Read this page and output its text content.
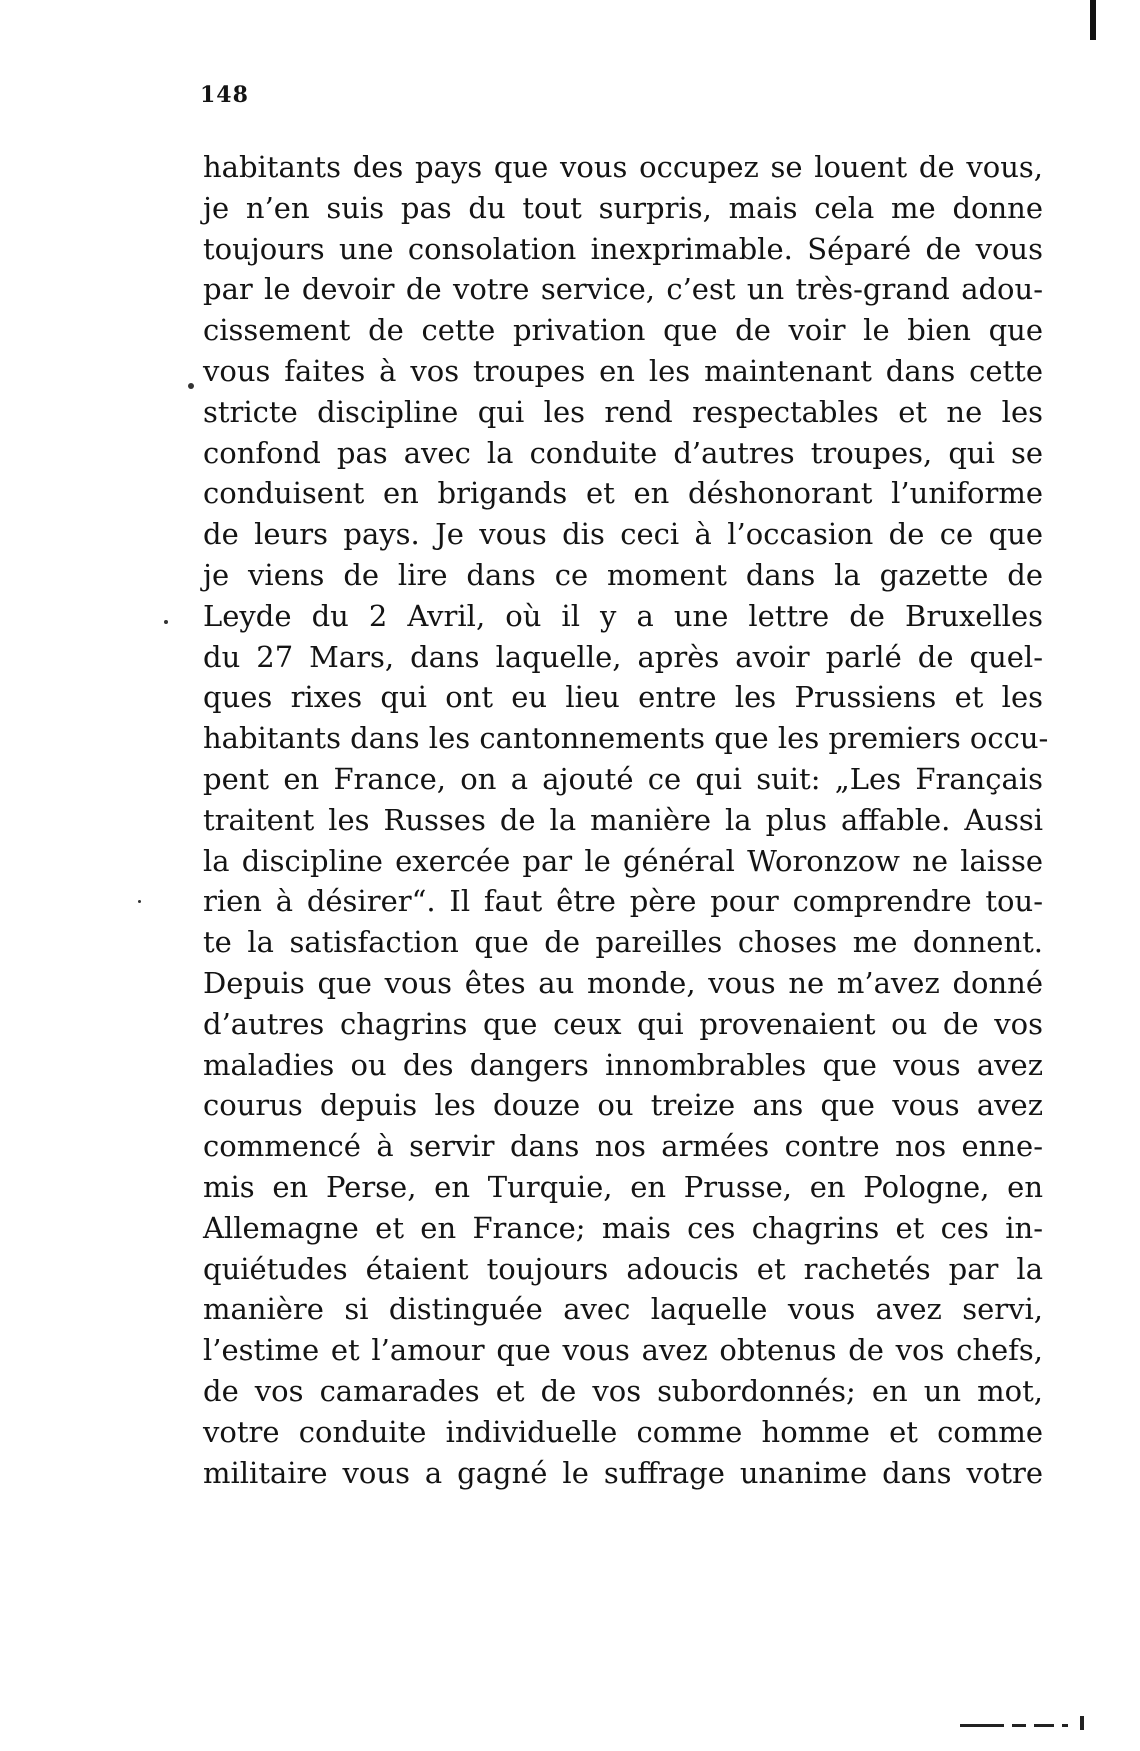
148
habitants des pays que vous occupez se louent de vous,
je n’en suis pas du tout surpris, mais cela me donne
toujours une consolation inexprimable. Séparé de vous
par le devoir de votre service, c’est un très-grand adou-
cissement de cette privation que de voir le bien que
vous faites à vos troupes en les maintenant dans cette
stricte discipline qui les rend respectables et ne les
confond pas avec la conduite d’autres troupes, qui se
conduisent en brigands et en déshonorant l’uniforme
de leurs pays. Je vous dis ceci à l’occasion de ce que
je viens de lire dans ce moment dans la gazette de
Leyde du 2 Avril, où il y a une lettre de Bruxelles
du 27 Mars, dans laquelle, après avoir parlé de quel-
ques rixes qui ont eu lieu entre les Prussiens et les
habitants dans les cantonnements que les premiers occu-
pent en France, on a ajouté ce qui suit: „Les Français
traitent les Russes de la manière la plus affable. Aussi
la discipline exercée par le général Woronzow ne laisse
rien à désirer“. Il faut être père pour comprendre tou-
te la satisfaction que de pareilles choses me donnent.
Depuis que vous êtes au monde, vous ne m’avez donné
d’autres chagrins que ceux qui provenaient ou de vos
maladies ou des dangers innombrables que vous avez
courus depuis les douze ou treize ans que vous avez
commencé à servir dans nos armées contre nos enne-
mis en Perse, en Turquie, en Prusse, en Pologne, en
Allemagne et en France; mais ces chagrins et ces in-
quiétudes étaient toujours adoucis et rachetés par la
manière si distinguée avec laquelle vous avez servi,
l’estime et l’amour que vous avez obtenus de vos chefs,
de vos camarades et de vos subordonnés; en un mot,
votre conduite individuelle comme homme et comme
militaire vous a gagné le suffrage unanime dans votre
